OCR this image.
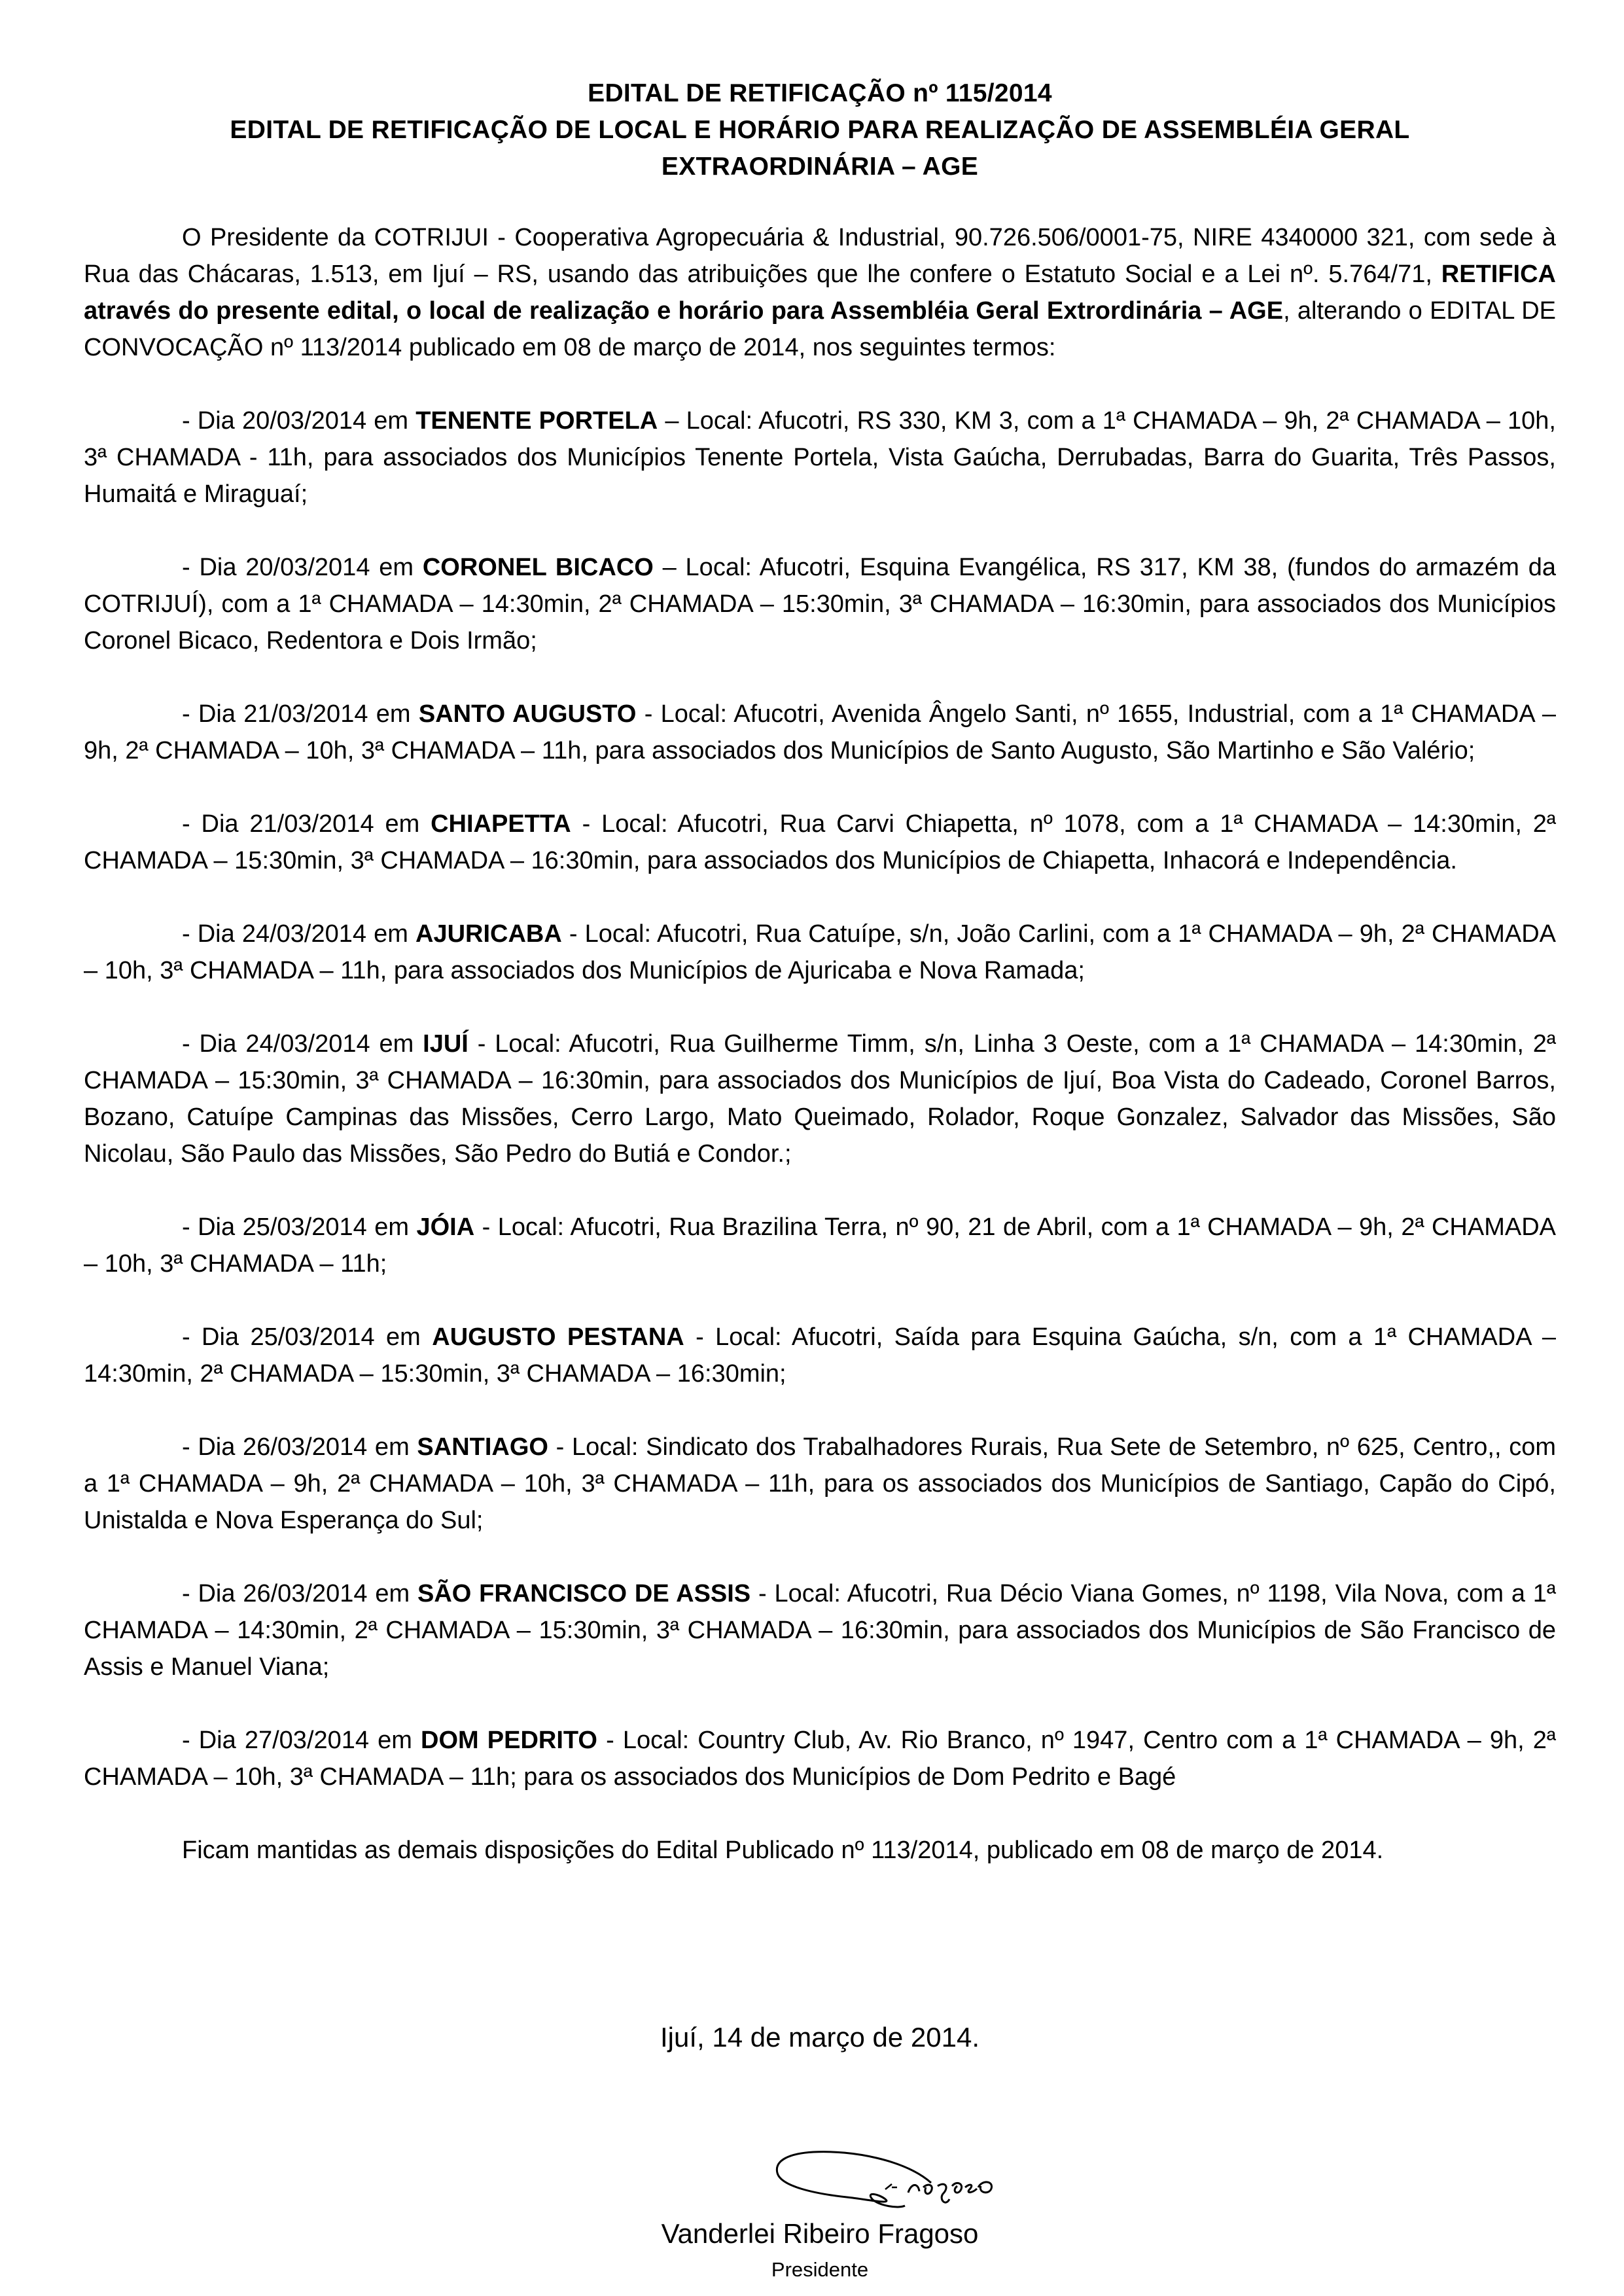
EDITAL DE RETIFICAÇÃO nº 115/2014
EDITAL DE RETIFICAÇÃO DE LOCAL E HORÁRIO PARA REALIZAÇÃO DE ASSEMBLÉIA GERAL
EXTRAORDINÁRIA – AGE

O Presidente da COTRIJUI - Cooperativa Agropecuária & Industrial, 90.726.506/0001-75, NIRE 4340000 321, com sede à Rua das Chácaras, 1.513, em Ijuí – RS, usando das atribuições que lhe confere o Estatuto Social e a Lei nº. 5.764/71, RETIFICA através do presente edital, o local de realização e horário para Assembléia Geral Extrordinária – AGE, alterando o EDITAL DE CONVOCAÇÃO nº 113/2014 publicado em 08 de março de 2014, nos seguintes termos:

- Dia 20/03/2014 em TENENTE PORTELA – Local: Afucotri, RS 330, KM 3, com a 1ª CHAMADA – 9h, 2ª CHAMADA – 10h, 3ª CHAMADA - 11h, para associados dos Municípios Tenente Portela, Vista Gaúcha, Derrubadas, Barra do Guarita, Três Passos, Humaitá e Miraguaí;

- Dia 20/03/2014 em CORONEL BICACO – Local: Afucotri, Esquina Evangélica, RS 317, KM 38, (fundos do armazém da COTRIJUÍ), com a 1ª CHAMADA – 14:30min, 2ª CHAMADA – 15:30min, 3ª CHAMADA – 16:30min, para associados dos Municípios Coronel Bicaco, Redentora e Dois Irmão;

- Dia 21/03/2014 em SANTO AUGUSTO - Local: Afucotri, Avenida Ângelo Santi, nº 1655, Industrial, com a 1ª CHAMADA – 9h, 2ª CHAMADA – 10h, 3ª CHAMADA – 11h, para associados dos Municípios de Santo Augusto, São Martinho e São Valério;

- Dia 21/03/2014 em CHIAPETTA - Local: Afucotri, Rua Carvi Chiapetta, nº 1078, com a 1ª CHAMADA – 14:30min, 2ª CHAMADA – 15:30min, 3ª CHAMADA – 16:30min, para associados dos Municípios de Chiapetta, Inhacorá e Independência.

- Dia 24/03/2014 em AJURICABA - Local: Afucotri, Rua Catuípe, s/n, João Carlini, com a 1ª CHAMADA – 9h, 2ª CHAMADA – 10h, 3ª CHAMADA – 11h, para associados dos Municípios de Ajuricaba e Nova Ramada;

- Dia 24/03/2014 em IJUÍ - Local: Afucotri, Rua Guilherme Timm, s/n, Linha 3 Oeste, com a 1ª CHAMADA – 14:30min, 2ª CHAMADA – 15:30min, 3ª CHAMADA – 16:30min, para associados dos Municípios de Ijuí, Boa Vista do Cadeado, Coronel Barros, Bozano, Catuípe Campinas das Missões, Cerro Largo, Mato Queimado, Rolador, Roque Gonzalez, Salvador das Missões, São Nicolau, São Paulo das Missões, São Pedro do Butiá e Condor.;

- Dia 25/03/2014 em JÓIA - Local: Afucotri, Rua Brazilina Terra, nº 90, 21 de Abril, com a 1ª CHAMADA – 9h, 2ª CHAMADA – 10h, 3ª CHAMADA – 11h;

- Dia 25/03/2014 em AUGUSTO PESTANA - Local: Afucotri, Saída para Esquina Gaúcha, s/n, com a 1ª CHAMADA – 14:30min, 2ª CHAMADA – 15:30min, 3ª CHAMADA – 16:30min;

- Dia 26/03/2014 em SANTIAGO - Local: Sindicato dos Trabalhadores Rurais, Rua Sete de Setembro, nº 625, Centro,, com a 1ª CHAMADA – 9h, 2ª CHAMADA – 10h, 3ª CHAMADA – 11h, para os associados dos Municípios de Santiago, Capão do Cipó, Unistalda e Nova Esperança do Sul;

- Dia 26/03/2014 em SÃO FRANCISCO DE ASSIS - Local: Afucotri, Rua Décio Viana Gomes, nº 1198, Vila Nova, com a 1ª CHAMADA – 14:30min, 2ª CHAMADA – 15:30min, 3ª CHAMADA – 16:30min, para associados dos Municípios de São Francisco de Assis e Manuel Viana;

- Dia 27/03/2014 em DOM PEDRITO - Local: Country Club, Av. Rio Branco, nº 1947, Centro com a 1ª CHAMADA – 9h, 2ª CHAMADA – 10h, 3ª CHAMADA – 11h; para os associados dos Municípios de Dom Pedrito e Bagé

Ficam mantidas as demais disposições do Edital Publicado nº 113/2014, publicado em 08 de março de 2014.

Ijuí, 14 de março de 2014.
Vanderlei Ribeiro Fragoso
Presidente
